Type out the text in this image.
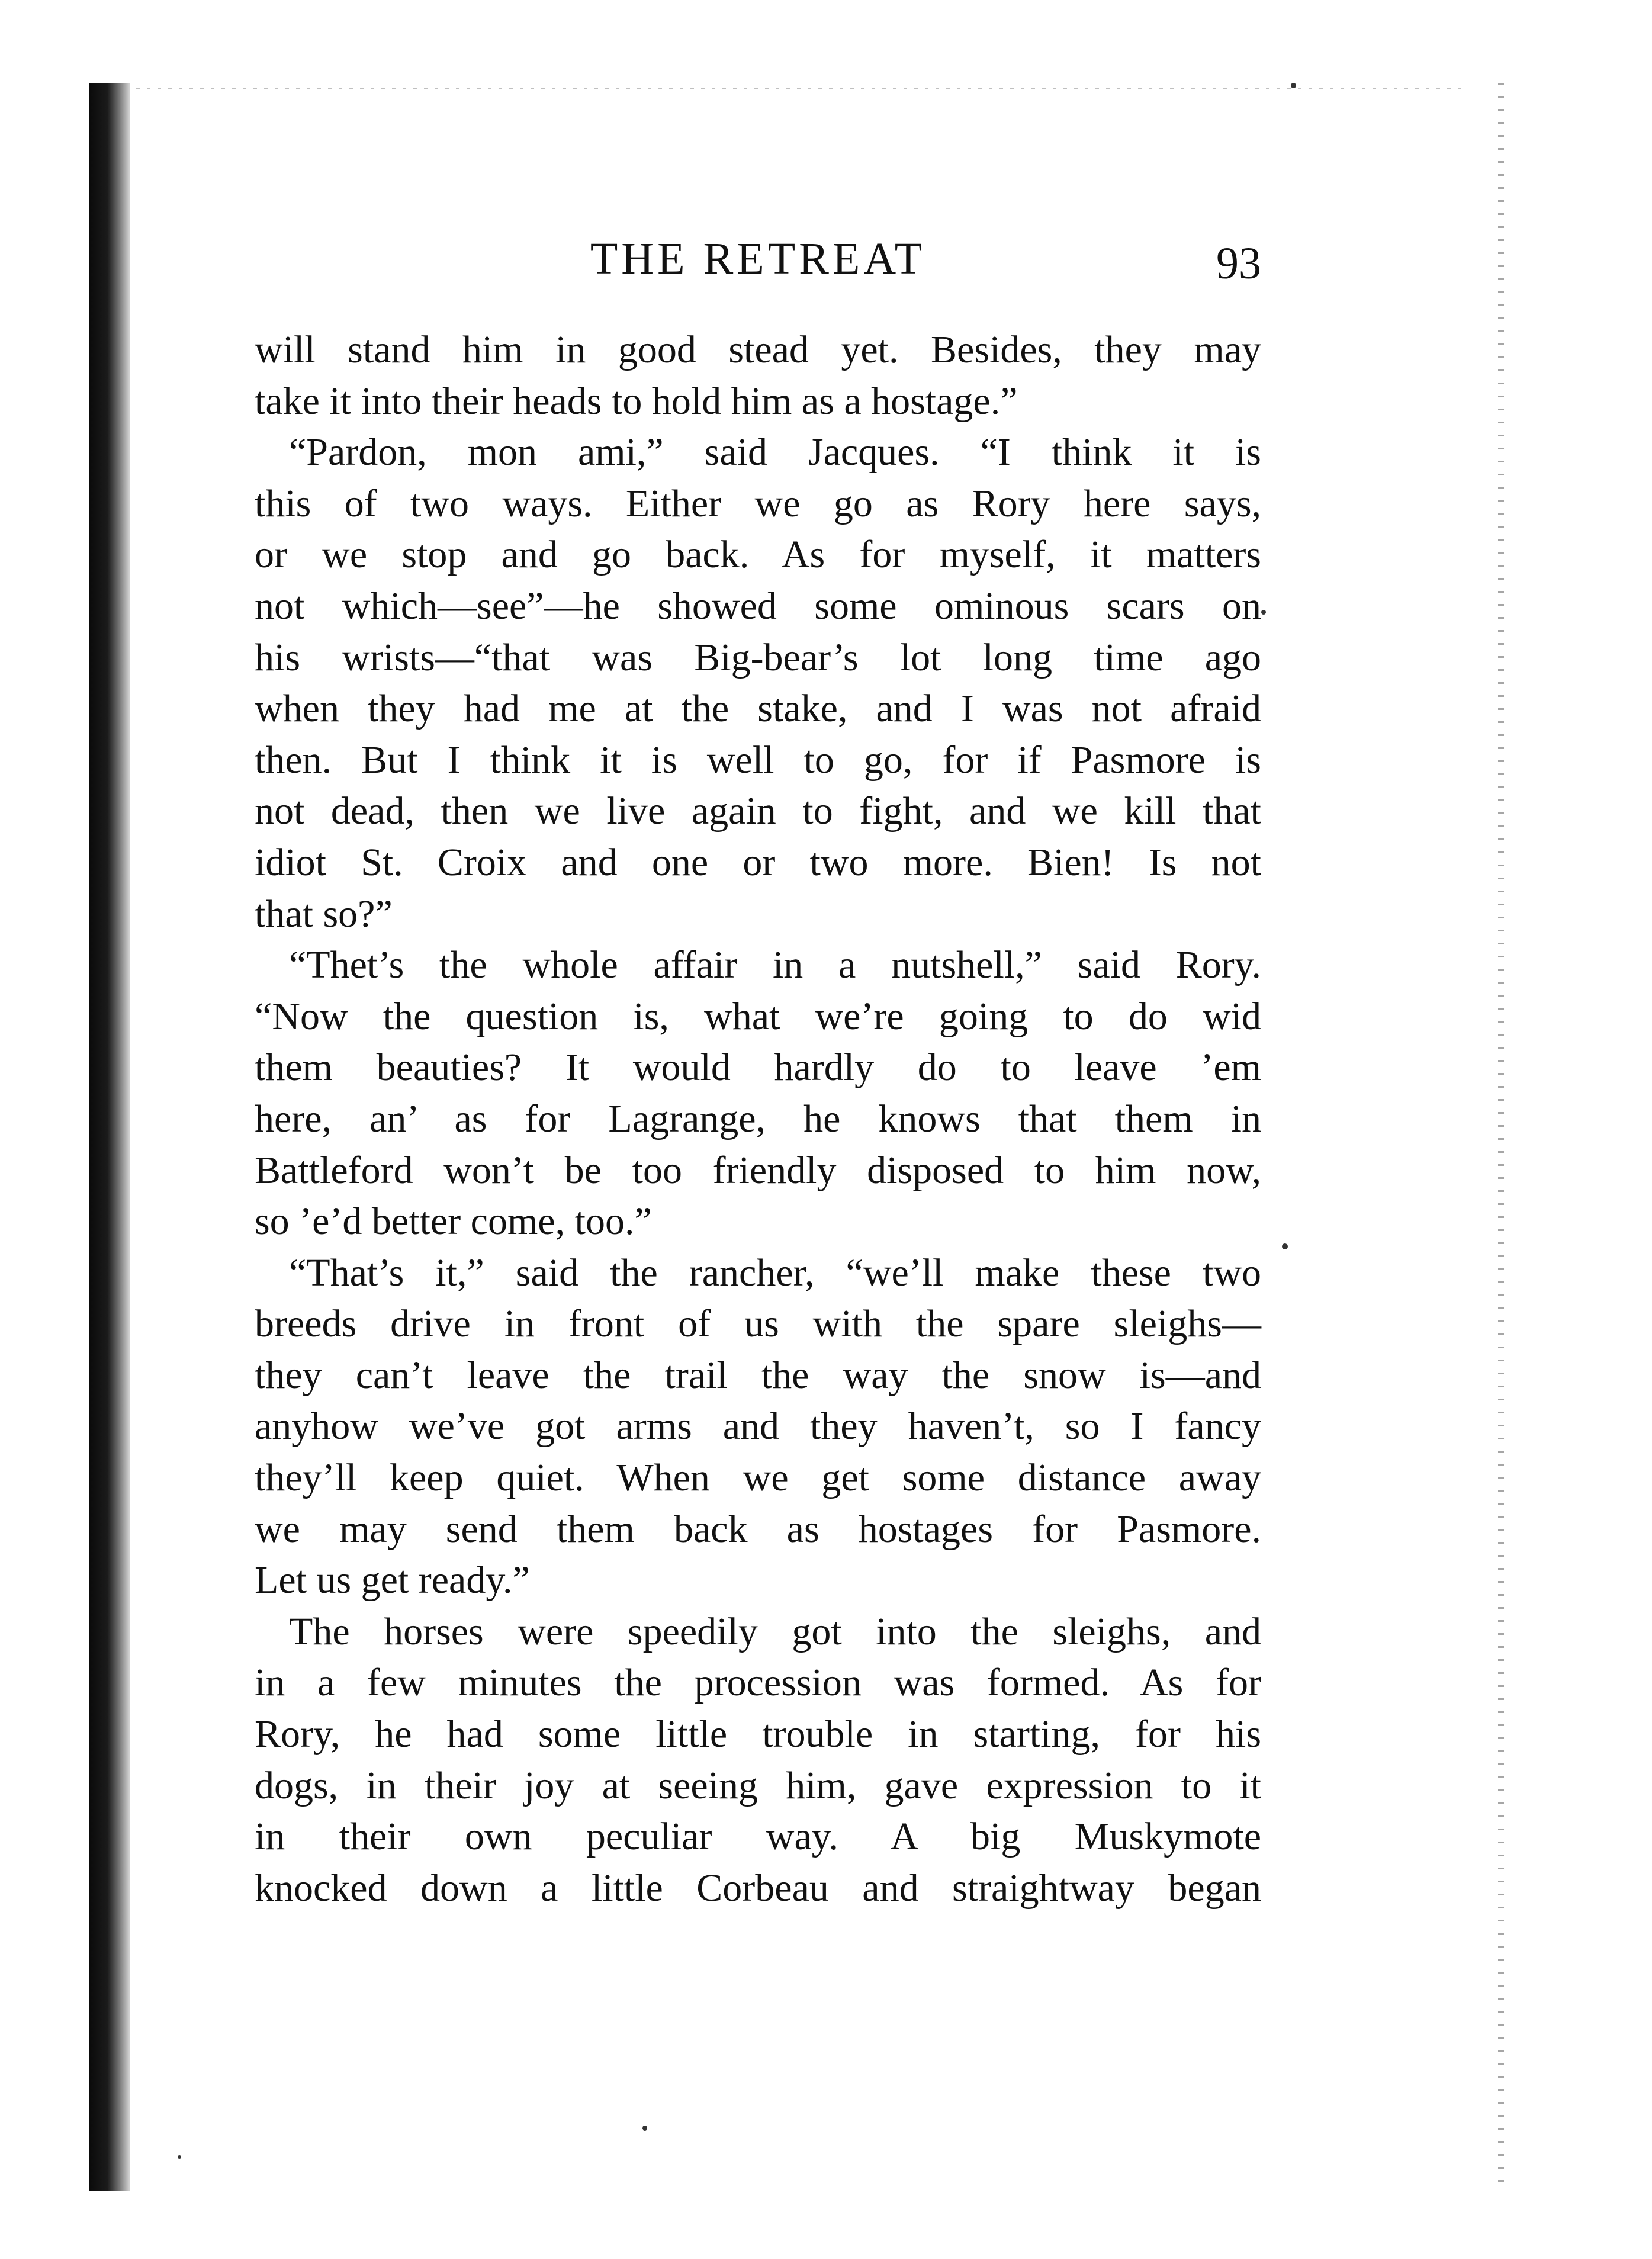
THE RETREAT	93
will stand him in good stead yet. Besides, they may
take it into their heads to hold him as a hostage.”
“Pardon, mon ami,” said Jacques. “I think it is
this of two ways. Either we go as Rory here says,
or we stop and go back. As for myself, it matters
not which—see”—he showed some ominous scars on
his wrists—“that was Big-bear’s lot long time ago
when they had me at the stake, and I was not afraid
then. But I think it is well to go, for if Pasmore is
not dead, then we live again to fight, and we kill that
idiot St. Croix and one or two more. Bien! Is not
that so?”
“Thet’s the whole affair in a nutshell,” said Rory.
“Now the question is, what we’re going to do wid
them beauties? It would hardly do to leave ’em
here, an’ as for Lagrange, he knows that them in
Battleford won’t be too friendly disposed to him now,
so ’e’d better come, too.”
“That’s it,” said the rancher, “we’ll make these two
breeds drive in front of us with the spare sleighs—
they can’t leave the trail the way the snow is—and
anyhow we’ve got arms and they haven’t, so I fancy
they’ll keep quiet. When we get some distance away
we may send them back as hostages for Pasmore.
Let us get ready.”
The horses were speedily got into the sleighs, and
in a few minutes the procession was formed. As for
Rory, he had some little trouble in starting, for his
dogs, in their joy at seeing him, gave expression to it
in their own peculiar way. A big Muskymote
knocked down a little Corbeau and straightway began
